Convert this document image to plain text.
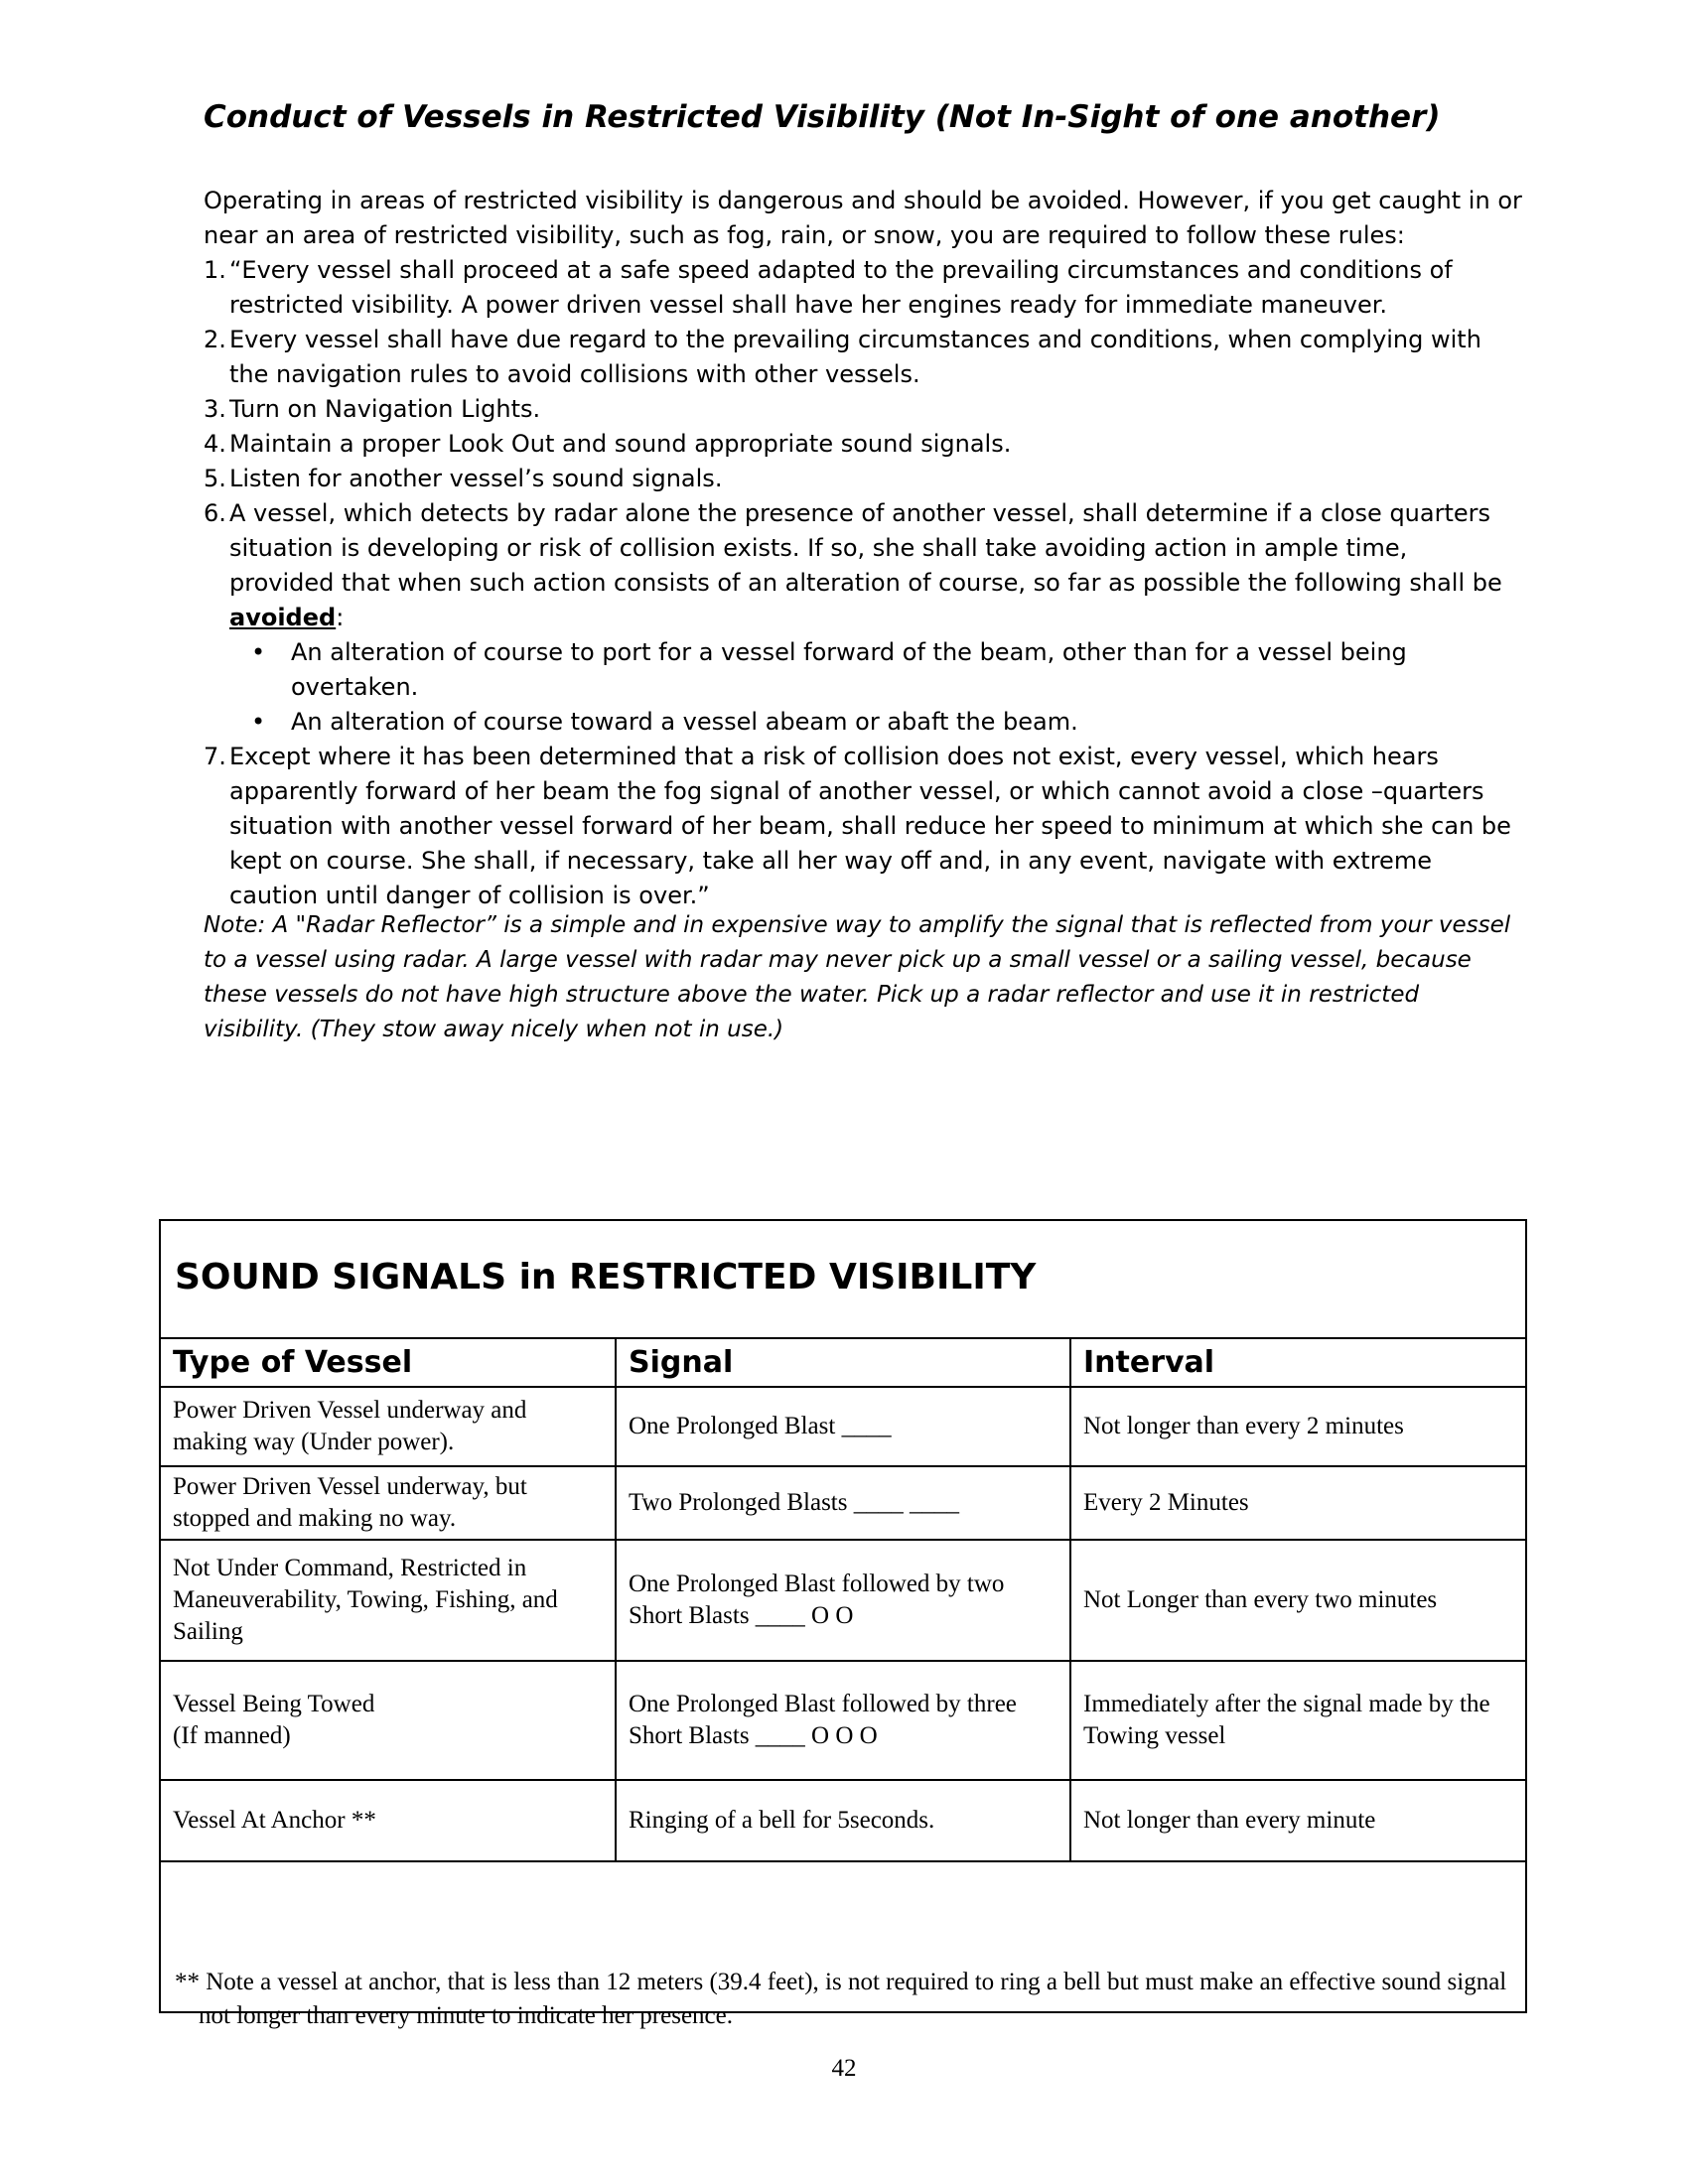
Conduct of Vessels in Restricted Visibility (Not In-Sight of one another)

Operating in areas of restricted visibility is dangerous and should be avoided. However, if you get caught in or
near an area of restricted visibility, such as fog, rain, or snow, you are required to follow these rules:

1. “Every vessel shall proceed at a safe speed adapted to the prevailing circumstances and conditions of restricted visibility. A power driven vessel shall have her engines ready for immediate maneuver.
2. Every vessel shall have due regard to the prevailing circumstances and conditions, when complying with the navigation rules to avoid collisions with other vessels.
3. Turn on Navigation Lights.
4. Maintain a proper Look Out and sound appropriate sound signals.
5. Listen for another vessel’s sound signals.
6. A vessel, which detects by radar alone the presence of another vessel, shall determine if a close quarters situation is developing or risk of collision exists. If so, she shall take avoiding action in ample time, provided that when such action consists of an alteration of course, so far as possible the following shall be avoided:
• An alteration of course to port for a vessel forward of the beam, other than for a vessel being overtaken.
• An alteration of course toward a vessel abeam or abaft the beam.
7. Except where it has been determined that a risk of collision does not exist, every vessel, which hears apparently forward of her beam the fog signal of another vessel, or which cannot avoid a close –quarters situation with another vessel forward of her beam, shall reduce her speed to minimum at which she can be kept on course. She shall, if necessary, take all her way off and, in any event, navigate with extreme caution until danger of collision is over.”

Note: A "Radar Reflector” is a simple and in expensive way to amplify the signal that is reflected from your vessel to a vessel using radar. A large vessel with radar may never pick up a small vessel or a sailing vessel, because these vessels do not have high structure above the water. Pick up a radar reflector and use it in restricted visibility. (They stow away nicely when not in use.)

SOUND SIGNALS in RESTRICTED VISIBILITY
Type of Vessel	Signal	Interval
Power Driven Vessel underway and making way (Under power).	One Prolonged Blast ____	Not longer than every 2 minutes
Power Driven Vessel underway, but stopped and making no way.	Two Prolonged Blasts ____ ____	Every 2 Minutes
Not Under Command, Restricted in Maneuverability, Towing, Fishing, and Sailing	One Prolonged Blast followed by two Short Blasts ____ O O	Not Longer than every two minutes
Vessel Being Towed
(If manned)	One Prolonged Blast followed by three Short Blasts ____ O O O	Immediately after the signal made by the Towing vessel
Vessel At Anchor **	Ringing of a bell for 5seconds.	Not longer than every minute

** Note a vessel at anchor, that is less than 12 meters (39.4 feet), is not required to ring a bell but must make an effective sound signal not longer than every minute to indicate her presence.

42
